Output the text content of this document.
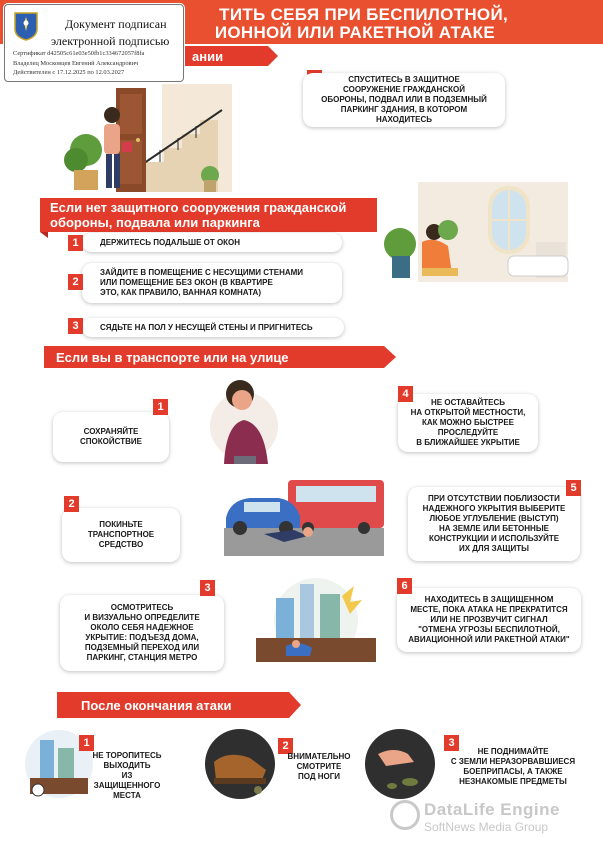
ТИТЬ СЕБЯ ПРИ БЕСПИЛОТНОЙ,
ИОННОЙ ИЛИ РАКЕТНОЙ АТАКЕ
ании
Документ подписан
электронной подписью
Сертификат d42505c61e03e50fb1c334672057f8fa
Владелец Московцев Евгений Александрович
Действителен с 17.12.2025 по 12.03.2027
СПУСТИТЕСЬ В ЗАЩИТНОЕ
СООРУЖЕНИЕ ГРАЖДАНСКОЙ
ОБОРОНЫ, ПОДВАЛ ИЛИ В ПОДЗЕМНЫЙ
ПАРКИНГ ЗДАНИЯ, В КОТОРОМ
НАХОДИТЕСЬ
Если нет защитного сооружения гражданской
обороны, подвала или паркинга
ДЕРЖИТЕСЬ ПОДАЛЬШЕ ОТ ОКОН
1
ЗАЙДИТЕ В ПОМЕЩЕНИЕ С НЕСУЩИМИ СТЕНАМИ
ИЛИ ПОМЕЩЕНИЕ БЕЗ ОКОН (В КВАРТИРЕ
ЭТО, КАК ПРАВИЛО, ВАННАЯ КОМНАТА)
2
СЯДЬТЕ НА ПОЛ У НЕСУЩЕЙ СТЕНЫ И ПРИГНИТЕСЬ
3
Если вы в транспорте или на улице
СОХРАНЯЙТЕ
СПОКОЙСТВИЕ
1	НЕ ОСТАВАЙТЕСЬ
НА ОТКРЫТОЙ МЕСТНОСТИ,
КАК МОЖНО БЫСТРЕЕ
ПРОСЛЕДУЙТЕ
В БЛИЖАЙШЕЕ УКРЫТИЕ
4
ПОКИНЬТЕ
ТРАНСПОРТНОЕ
СРЕДСТВО
2	ПРИ ОТСУТСТВИИ ПОБЛИЗОСТИ
НАДЕЖНОГО УКРЫТИЯ ВЫБЕРИТЕ
ЛЮБОЕ УГЛУБЛЕНИЕ (ВЫСТУП)
НА ЗЕМЛЕ ИЛИ БЕТОННЫЕ
КОНСТРУКЦИИ И ИСПОЛЬЗУЙТЕ
ИХ ДЛЯ ЗАЩИТЫ
5
ОСМОТРИТЕСЬ
И ВИЗУАЛЬНО ОПРЕДЕЛИТЕ
ОКОЛО СЕБЯ НАДЕЖНОЕ
УКРЫТИЕ: ПОДЪЕЗД ДОМА,
ПОДЗЕМНЫЙ ПЕРЕХОД ИЛИ
ПАРКИНГ, СТАНЦИЯ МЕТРО
3
НАХОДИТЕСЬ В ЗАЩИЩЕННОМ
МЕСТЕ, ПОКА АТАКА НЕ ПРЕКРАТИТСЯ
ИЛИ НЕ ПРОЗВУЧИТ СИГНАЛ
"ОТМЕНА УГРОЗЫ БЕСПИЛОТНОЙ,
АВИАЦИОННОЙ ИЛИ РАКЕТНОЙ АТАКИ"
6
После окончания атаки
1
НЕ ТОРОПИТЕСЬ
ВЫХОДИТЬ
ИЗ ЗАЩИЩЕННОГО
МЕСТА
2
ВНИМАТЕЛЬНО
СМОТРИТЕ
ПОД НОГИ
3
НЕ ПОДНИМАЙТЕ
С ЗЕМЛИ НЕРАЗОРВАВШИЕСЯ
БОЕПРИПАСЫ, А ТАКЖЕ
НЕЗНАКОМЫЕ ПРЕДМЕТЫ
DataLife Engine
SoftNews Media Group
